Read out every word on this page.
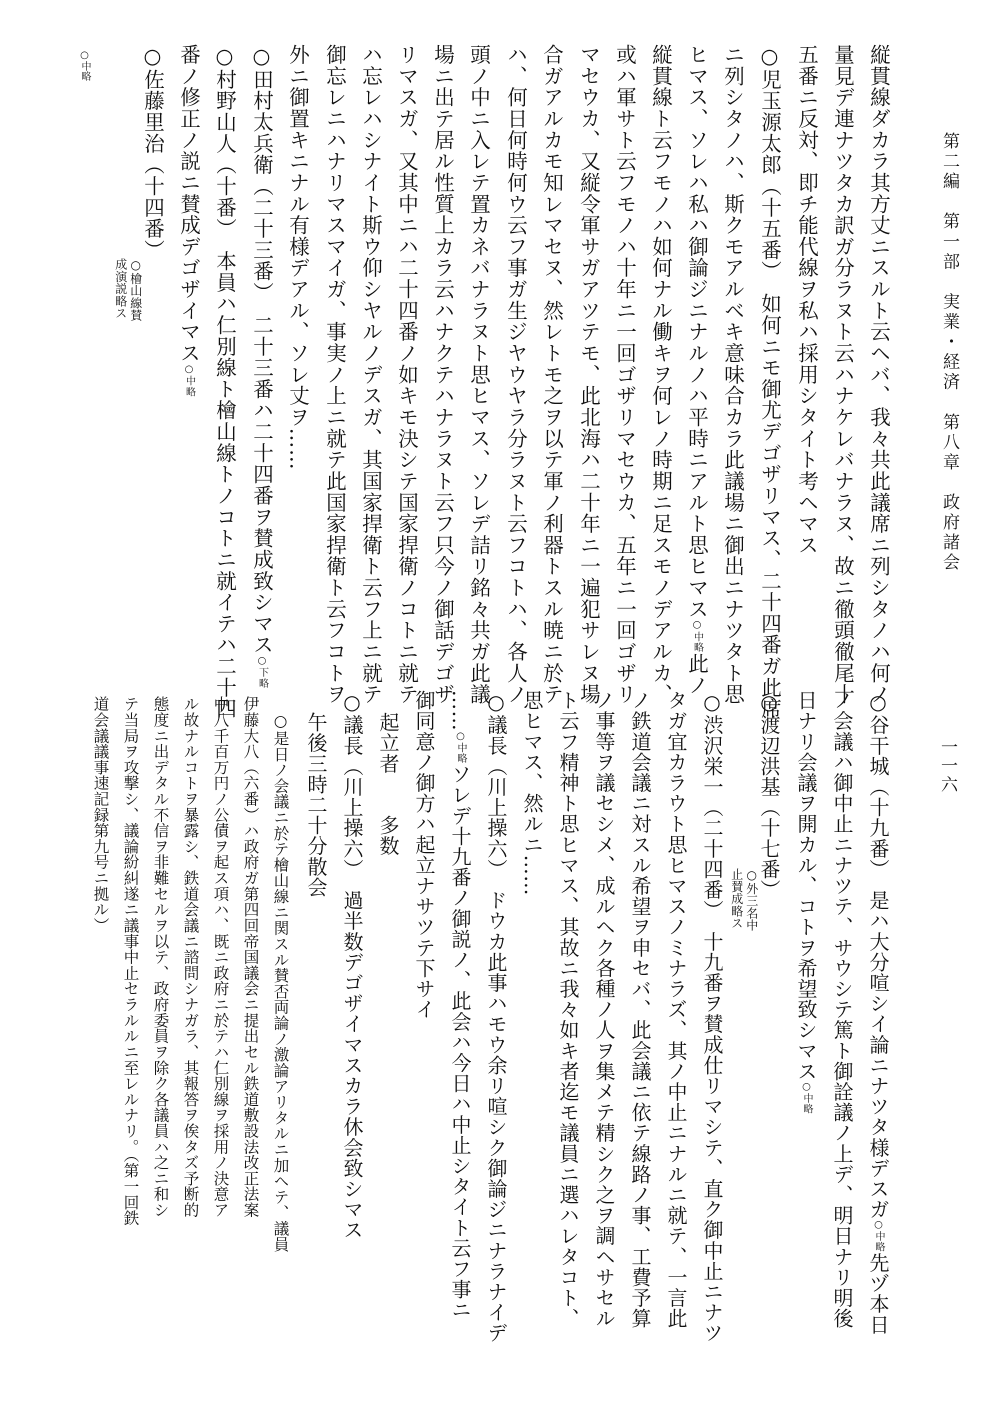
第二編　第一部　実業・経済　第八章　政府諸会
一一六
縦貫線ダカラ其方丈ニスルト云ヘバ、我々共此議席ニ列シタノハ何ノ
量見デ連ナツタカ訳ガ分ラヌト云ハナケレバナラヌ、故ニ徹頭徹尾十
五番ニ反対、即チ能代線ヲ私ハ採用シタイト考ヘマス
○児玉源太郎（十五番）　如何ニモ御尤デゴザリマス、二十四番ガ此席
ニ列シタノハ、斯クモアルベキ意味合カラ此議場ニ御出ニナツタト思
ヒマス、ソレハ私ハ御論ジニナルノハ平時ニアルト思ヒマス○中略此ノ
縦貫線ト云フモノハ如何ナル働キヲ何レノ時期ニ足スモノデアルカ、
或ハ軍サト云フモノハ十年ニ一回ゴザリマセウカ、五年ニ一回ゴザリ
マセウカ、又縦令軍サガアツテモ、此北海ハ二十年ニ一遍犯サレヌ場
合ガアルカモ知レマセヌ、然レトモ之ヲ以テ軍ノ利器トスル暁ニ於テ
ハ、何日何時何ウ云フ事ガ生ジヤウヤラ分ラヌト云フコトハ、各人ノ
頭ノ中ニ入レテ置カネバナラヌト思ヒマス、ソレデ詰リ銘々共ガ此議
場ニ出テ居ル性質上カラ云ハナクテハナラヌト云フ只今ノ御話デゴザ
リマスガ、又其中ニハ二十四番ノ如キモ決シテ国家捍衛ノコトニ就テ
ハ忘レハシナイト斯ウ仰シヤルノデスガ、其国家捍衛ト云フ上ニ就テ
御忘レニハナリマスマイガ、事実ノ上ニ就テ此国家捍衛ト云フコトヲ
外ニ御置キニナル有様デアル、ソレ丈ヲ……
○田村太兵衛（二十三番）　二十三番ハ二十四番ヲ賛成致シマス○下略
○村野山人（十番）　本員ハ仁別線ト檜山線トノコトニ就イテハ二十四
番ノ修正ノ説ニ賛成デゴザイマス○中略
○佐藤里治（十四番）
○檜山線賛
成演説略ス
○中略
○谷干城（十九番）　是ハ大分喧シイ論ニナツタ様デスガ○中略先ヅ本日
ノ会議ハ御中止ニナツテ、サウシテ篤ト御詮議ノ上デ、明日ナリ明後
日ナリ会議ヲ開カル、コトヲ希望致シマス○中略
○渡辺洪基（十七番）
○外三名中
止賛成略ス
○渋沢栄一（二十四番）　十九番ヲ賛成仕リマシテ、直ク御中止ニナツ
タガ宜カラウト思ヒマスノミナラズ、其ノ中止ニナルニ就テ、一言此
ノ鉄道会議ニ対スル希望ヲ申セバ、此会議ニ依テ線路ノ事、工費予算
ノ事等ヲ議セシメ、成ルヘク各種ノ人ヲ集メテ精シク之ヲ調ヘサセル
ト云フ精神ト思ヒマス、其故ニ我々如キ者迄モ議員ニ選ハレタコト、
思ヒマス、然ルニ……
○議長（川上操六）　ドウカ此事ハモウ余リ喧シク御論ジニナラナイデ
……○中略ソレデ十九番ノ御説ノ、此会ハ今日ハ中止シタイト云フ事ニ
御同意ノ御方ハ起立ナサツテ下サイ
起立者　　多数
○議長（川上操六）　過半数デゴザイマスカラ休会致シマス
午後三時二十分散会
○是日ノ会議ニ於テ檜山線ニ関スル賛否両論ノ激論アリタルニ加ヘテ、議員
伊藤大八（六番）ハ政府ガ第四回帝国議会ニ提出セル鉄道敷設法改正法案
中八千百万円ノ公債ヲ起ス項ハ、既ニ政府ニ於テハ仁別線ヲ採用ノ決意ア
ル故ナルコトヲ暴露シ、鉄道会議ニ諮問シナガラ、其報答ヲ俟タズ予断的
態度ニ出デタル不信ヲ非難セルヲ以テ、政府委員ヲ除ク各議員ハ之ニ和シ
テ当局ヲ攻撃シ、議論紛糾遂ニ議事中止セラルルニ至レルナリ。（第一回鉄
道会議議事速記録第九号ニ拠ル）
